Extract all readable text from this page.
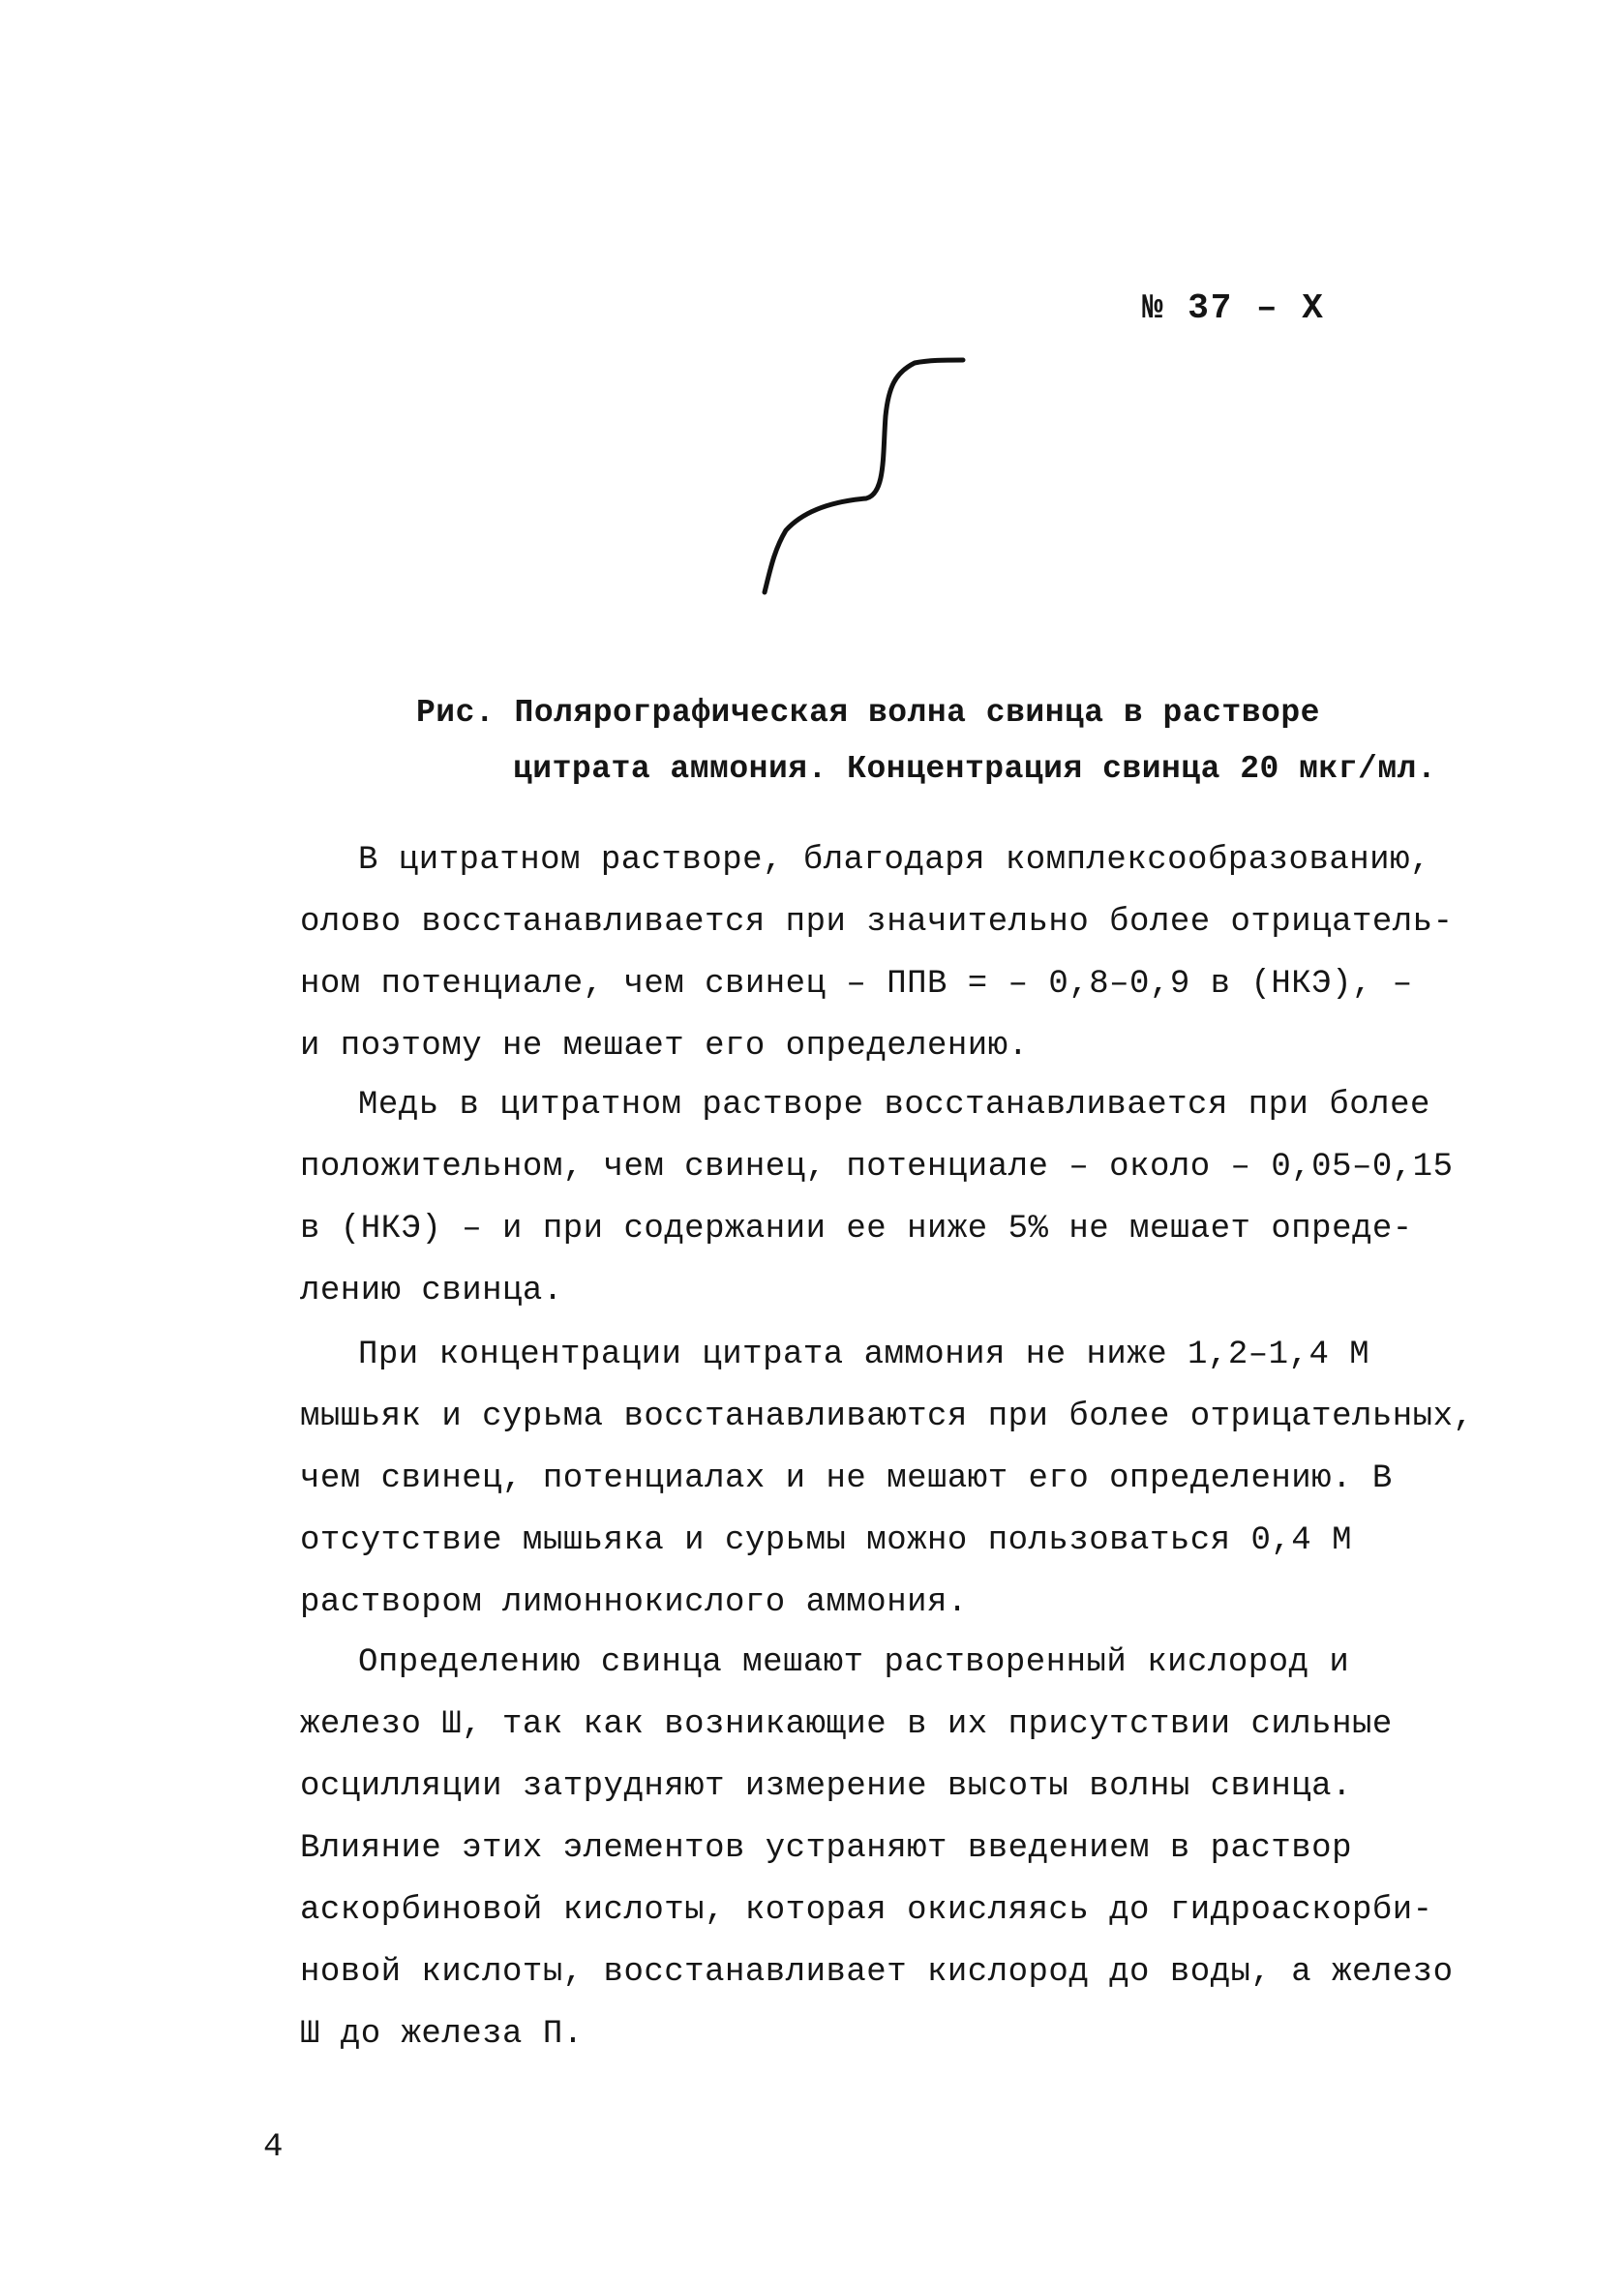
№ 37 – X
Рис. Полярографическая волна свинца в растворе
цитрата аммония. Концентрация свинца 20 мкг/мл.
В цитратном растворе, благодаря комплексообразованию,
олово восстанавливается при значительно более отрицатель-
ном потенциале, чем свинец – ППВ = – 0,8–0,9 в (НКЭ), –
и поэтому не мешает его определению.
Медь в цитратном растворе восстанавливается при более
положительном, чем свинец, потенциале – около – 0,05–0,15
в (НКЭ) – и при содержании ее ниже 5% не мешает опреде-
лению свинца.
При концентрации цитрата аммония не ниже 1,2–1,4 М
мышьяк и сурьма восстанавливаются при более отрицательных,
чем свинец, потенциалах и не мешают его определению. В
отсутствие мышьяка и сурьмы можно пользоваться 0,4 М
раствором лимоннокислого аммония.
Определению свинца мешают растворенный кислород и
железо Ш, так как возникающие в их присутствии сильные
осцилляции затрудняют измерение высоты волны свинца.
Влияние этих элементов устраняют введением в раствор
аскорбиновой кислоты, которая окисляясь до гидроаскорби-
новой кислоты, восстанавливает кислород до воды, а железо
Ш до железа П.
4
